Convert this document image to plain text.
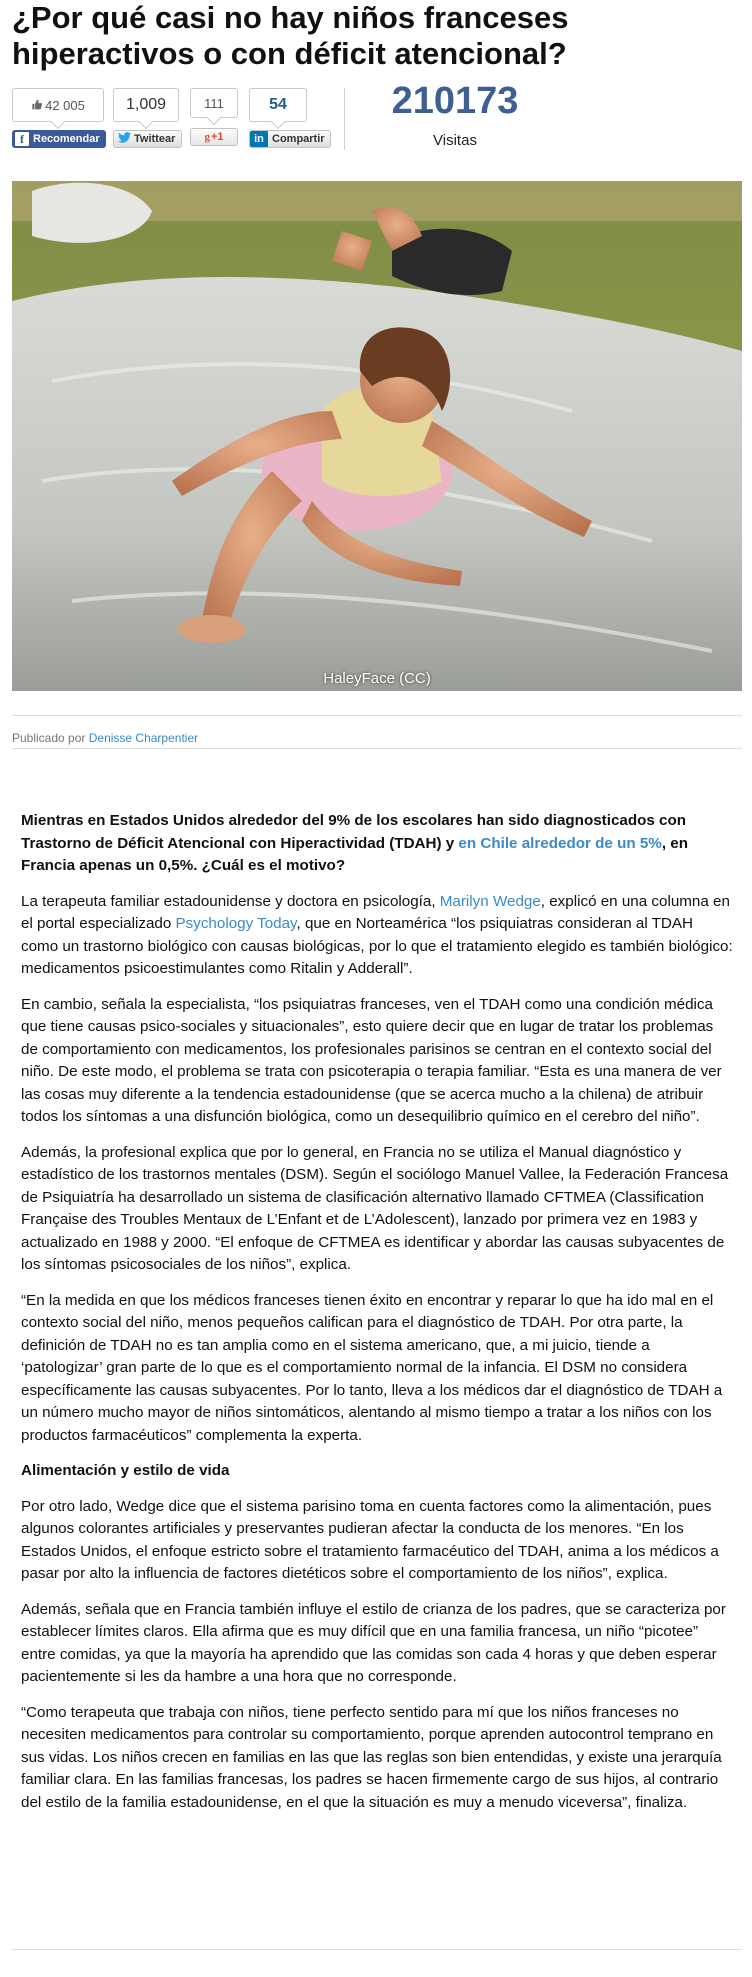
¿Por qué casi no hay niños franceses hiperactivos o con déficit atencional?
42 005
f Recomendar
1,009
Twittear
111
g +1
54
in Compartir
210173
Visitas
HaleyFace (CC)
Publicado por Denisse Charpentier

Mientras en Estados Unidos alrededor del 9% de los escolares han sido diagnosticados con Trastorno de Déficit Atencional con Hiperactividad (TDAH) y en Chile alrededor de un 5%, en Francia apenas un 0,5%. ¿Cuál es el motivo?

La terapeuta familiar estadounidense y doctora en psicología, Marilyn Wedge, explicó en una columna en el portal especializado Psychology Today, que en Norteamérica “los psiquiatras consideran al TDAH como un trastorno biológico con causas biológicas, por lo que el tratamiento elegido es también biológico: medicamentos psicoestimulantes como Ritalin y Adderall”.

En cambio, señala la especialista, “los psiquiatras franceses, ven el TDAH como una condición médica que tiene causas psico-sociales y situacionales”, esto quiere decir que en lugar de tratar los problemas de comportamiento con medicamentos, los profesionales parisinos se centran en el contexto social del niño. De este modo, el problema se trata con psicoterapia o terapia familiar. “Esta es una manera de ver las cosas muy diferente a la tendencia estadounidense (que se acerca mucho a la chilena) de atribuir todos los síntomas a una disfunción biológica, como un desequilibrio químico en el cerebro del niño”.

Además, la profesional explica que por lo general, en Francia no se utiliza el Manual diagnóstico y estadístico de los trastornos mentales (DSM). Según el sociólogo Manuel Vallee, la Federación Francesa de Psiquiatría ha desarrollado un sistema de clasificación alternativo llamado CFTMEA (Classification Française des Troubles Mentaux de L’Enfant et de L’Adolescent), lanzado por primera vez en 1983 y actualizado en 1988 y 2000. “El enfoque de CFTMEA es identificar y abordar las causas subyacentes de los síntomas psicosociales de los niños”, explica.

“En la medida en que los médicos franceses tienen éxito en encontrar y reparar lo que ha ido mal en el contexto social del niño, menos pequeños califican para el diagnóstico de TDAH. Por otra parte, la definición de TDAH no es tan amplia como en el sistema americano, que, a mi juicio, tiende a ‘patologizar’ gran parte de lo que es el comportamiento normal de la infancia. El DSM no considera específicamente las causas subyacentes. Por lo tanto, lleva a los médicos dar el diagnóstico de TDAH a un número mucho mayor de niños sintomáticos, alentando al mismo tiempo a tratar a los niños con los productos farmacéuticos” complementa la experta.

Alimentación y estilo de vida

Por otro lado, Wedge dice que el sistema parisino toma en cuenta factores como la alimentación, pues algunos colorantes artificiales y preservantes pudieran afectar la conducta de los menores. “En los Estados Unidos, el enfoque estricto sobre el tratamiento farmacéutico del TDAH, anima a los médicos a pasar por alto la influencia de factores dietéticos sobre el comportamiento de los niños”, explica.

Además, señala que en Francia también influye el estilo de crianza de los padres, que se caracteriza por establecer límites claros. Ella afirma que es muy difícil que en una familia francesa, un niño “picotee” entre comidas, ya que la mayoría ha aprendido que las comidas son cada 4 horas y que deben esperar pacientemente si les da hambre a una hora que no corresponde.

“Como terapeuta que trabaja con niños, tiene perfecto sentido para mí que los niños franceses no necesiten medicamentos para controlar su comportamiento, porque aprenden autocontrol temprano en sus vidas. Los niños crecen en familias en las que las reglas son bien entendidas, y existe una jerarquía familiar clara. En las familias francesas, los padres se hacen firmemente cargo de sus hijos, al contrario del estilo de la familia estadounidense, en el que la situación es muy a menudo viceversa”, finaliza.
